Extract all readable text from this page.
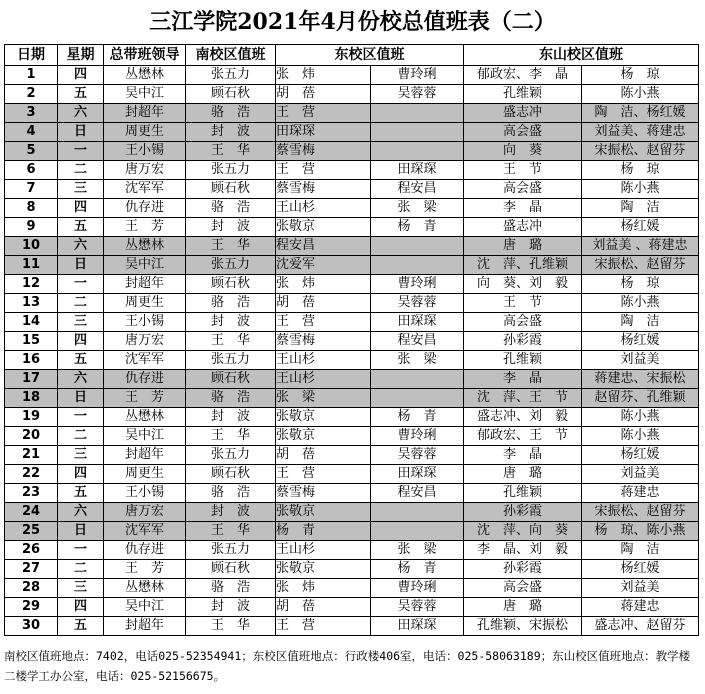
三江学院2021年4月份校总值班表（二）
日期	星期	总带班领导	南校区值班	东校区值班		东山校区值班	
1	四	丛懋林	张五力	张　炜	曹玲琍	郁政宏、李　晶	杨　琼
2	五	吴中江	顾石秋	胡　蓓	吴蓉蓉	孔维颖	陈小燕
3	六	封超年	骆　浩	王　营		盛志冲	陶　洁、杨红媛
4	日	周更生	封　波	田琛琛		高会盛	刘益美、蒋建忠
5	一	王小锡	王　华	蔡雪梅		向　葵	宋振松、赵留芬
6	二	唐万宏	张五力	王　营	田琛琛	王　节	杨　琼
7	三	沈军军	顾石秋	蔡雪梅	程安昌	高会盛	陈小燕
8	四	仇存进	骆　浩	王山杉	张　梁	李　晶	陶　洁
9	五	王　芳	封　波	张敬京	杨　青	盛志冲	杨红媛
10	六	丛懋林	王　华	程安昌		唐　璐	刘益美 、蒋建忠
11	日	吴中江	张五力	沈爱军		沈　萍、孔维颖	宋振松、赵留芬
12	一	封超年	顾石秋	张　炜	曹玲琍	向　葵、刘　毅	杨　琼
13	二	周更生	骆　浩	胡　蓓	吴蓉蓉	王　节	陈小燕
14	三	王小锡	封　波	王　营	田琛琛	高会盛	陶　洁
15	四	唐万宏	王　华	蔡雪梅	程安昌	孙彩霞	杨红媛
16	五	沈军军	张五力	王山杉	张　梁	孔维颖	刘益美
17	六	仇存进	顾石秋	王山杉		李　晶	蒋建忠、宋振松
18	日	王　芳	骆　浩	张　梁		沈　萍、王　节	赵留芬、孔维颖
19	一	丛懋林	封　波	张敬京	杨　青	盛志冲、刘　毅	陈小燕
20	二	吴中江	王　华	张敬京	曹玲琍	郁政宏、王　节	陈小燕
21	三	封超年	张五力	胡　蓓	吴蓉蓉	李　晶	杨红媛
22	四	周更生	顾石秋	王　营	田琛琛	唐　璐	刘益美
23	五	王小锡	骆　浩	蔡雪梅	程安昌	孔维颖	蒋建忠
24	六	唐万宏	封　波	张敬京		孙彩霞	宋振松、赵留芬
25	日	沈军军	王　华	杨　青		沈　萍、向　葵	杨　琼、陈小燕
26	一	仇存进	张五力	王山杉	张　梁	李　晶、刘　毅	陶　洁
27	二	王　芳	顾石秋	张敬京	杨　青	孙彩霞	杨红媛
28	三	丛懋林	骆　浩	张　炜	曹玲琍	高会盛	刘益美
29	四	吴中江	封　波	胡　蓓	吴蓉蓉	唐　璐	蒋建忠
30	五	封超年	王　华	王　营	田琛琛	孔维颖、宋振松	盛志冲、赵留芬
南校区值班地点：7402，电话025-52354941；东校区值班地点：行政楼406室，电话：025-58063189；东山校区值班地点：教学楼二楼学工办公室，电话：025-52156675。
